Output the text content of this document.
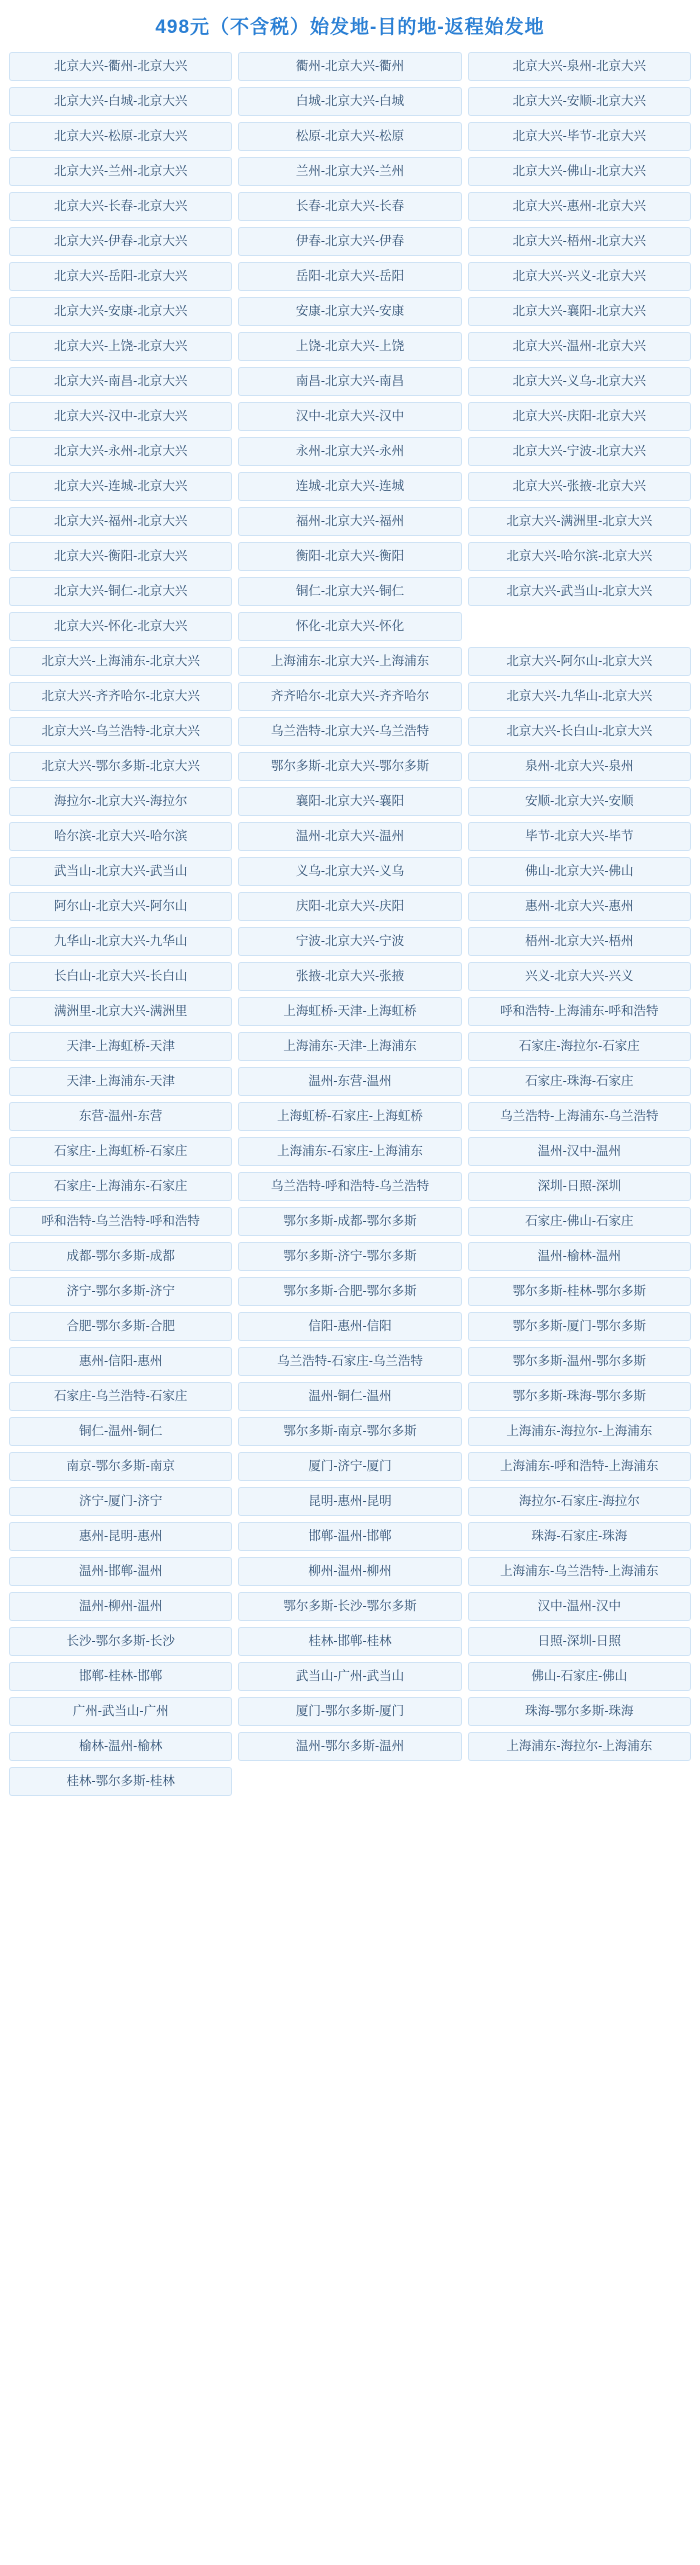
498元（不含税）始发地-目的地-返程始发地
北京大兴-衢州-北京大兴	衢州-北京大兴-衢州	北京大兴-泉州-北京大兴
北京大兴-白城-北京大兴	白城-北京大兴-白城	北京大兴-安顺-北京大兴
北京大兴-松原-北京大兴	松原-北京大兴-松原	北京大兴-毕节-北京大兴
北京大兴-兰州-北京大兴	兰州-北京大兴-兰州	北京大兴-佛山-北京大兴
北京大兴-长春-北京大兴	长春-北京大兴-长春	北京大兴-惠州-北京大兴
北京大兴-伊春-北京大兴	伊春-北京大兴-伊春	北京大兴-梧州-北京大兴
北京大兴-岳阳-北京大兴	岳阳-北京大兴-岳阳	北京大兴-兴义-北京大兴
北京大兴-安康-北京大兴	安康-北京大兴-安康	北京大兴-襄阳-北京大兴
北京大兴-上饶-北京大兴	上饶-北京大兴-上饶	北京大兴-温州-北京大兴
北京大兴-南昌-北京大兴	南昌-北京大兴-南昌	北京大兴-义乌-北京大兴
北京大兴-汉中-北京大兴	汉中-北京大兴-汉中	北京大兴-庆阳-北京大兴
北京大兴-永州-北京大兴	永州-北京大兴-永州	北京大兴-宁波-北京大兴
北京大兴-连城-北京大兴	连城-北京大兴-连城	北京大兴-张掖-北京大兴
北京大兴-福州-北京大兴	福州-北京大兴-福州	北京大兴-满洲里-北京大兴
北京大兴-衡阳-北京大兴	衡阳-北京大兴-衡阳	北京大兴-哈尔滨-北京大兴
北京大兴-铜仁-北京大兴	铜仁-北京大兴-铜仁	北京大兴-武当山-北京大兴
北京大兴-怀化-北京大兴	怀化-北京大兴-怀化
北京大兴-上海浦东-北京大兴	上海浦东-北京大兴-上海浦东	北京大兴-阿尔山-北京大兴
北京大兴-齐齐哈尔-北京大兴	齐齐哈尔-北京大兴-齐齐哈尔	北京大兴-九华山-北京大兴
北京大兴-乌兰浩特-北京大兴	乌兰浩特-北京大兴-乌兰浩特	北京大兴-长白山-北京大兴
北京大兴-鄂尔多斯-北京大兴	鄂尔多斯-北京大兴-鄂尔多斯	泉州-北京大兴-泉州
海拉尔-北京大兴-海拉尔	襄阳-北京大兴-襄阳	安顺-北京大兴-安顺
哈尔滨-北京大兴-哈尔滨	温州-北京大兴-温州	毕节-北京大兴-毕节
武当山-北京大兴-武当山	义乌-北京大兴-义乌	佛山-北京大兴-佛山
阿尔山-北京大兴-阿尔山	庆阳-北京大兴-庆阳	惠州-北京大兴-惠州
九华山-北京大兴-九华山	宁波-北京大兴-宁波	梧州-北京大兴-梧州
长白山-北京大兴-长白山	张掖-北京大兴-张掖	兴义-北京大兴-兴义
满洲里-北京大兴-满洲里	上海虹桥-天津-上海虹桥	呼和浩特-上海浦东-呼和浩特
天津-上海虹桥-天津	上海浦东-天津-上海浦东	石家庄-海拉尔-石家庄
天津-上海浦东-天津	温州-东营-温州	石家庄-珠海-石家庄
东营-温州-东营	上海虹桥-石家庄-上海虹桥	乌兰浩特-上海浦东-乌兰浩特
石家庄-上海虹桥-石家庄	上海浦东-石家庄-上海浦东	温州-汉中-温州
石家庄-上海浦东-石家庄	乌兰浩特-呼和浩特-乌兰浩特	深圳-日照-深圳
呼和浩特-乌兰浩特-呼和浩特	鄂尔多斯-成都-鄂尔多斯	石家庄-佛山-石家庄
成都-鄂尔多斯-成都	鄂尔多斯-济宁-鄂尔多斯	温州-榆林-温州
济宁-鄂尔多斯-济宁	鄂尔多斯-合肥-鄂尔多斯	鄂尔多斯-桂林-鄂尔多斯
合肥-鄂尔多斯-合肥	信阳-惠州-信阳	鄂尔多斯-厦门-鄂尔多斯
惠州-信阳-惠州	乌兰浩特-石家庄-乌兰浩特	鄂尔多斯-温州-鄂尔多斯
石家庄-乌兰浩特-石家庄	温州-铜仁-温州	鄂尔多斯-珠海-鄂尔多斯
铜仁-温州-铜仁	鄂尔多斯-南京-鄂尔多斯	上海浦东-海拉尔-上海浦东
南京-鄂尔多斯-南京	厦门-济宁-厦门	上海浦东-呼和浩特-上海浦东
济宁-厦门-济宁	昆明-惠州-昆明	海拉尔-石家庄-海拉尔
惠州-昆明-惠州	邯郸-温州-邯郸	珠海-石家庄-珠海
温州-邯郸-温州	柳州-温州-柳州	上海浦东-乌兰浩特-上海浦东
温州-柳州-温州	鄂尔多斯-长沙-鄂尔多斯	汉中-温州-汉中
长沙-鄂尔多斯-长沙	桂林-邯郸-桂林	日照-深圳-日照
邯郸-桂林-邯郸	武当山-广州-武当山	佛山-石家庄-佛山
广州-武当山-广州	厦门-鄂尔多斯-厦门	珠海-鄂尔多斯-珠海
榆林-温州-榆林	温州-鄂尔多斯-温州	上海浦东-海拉尔-上海浦东
桂林-鄂尔多斯-桂林
